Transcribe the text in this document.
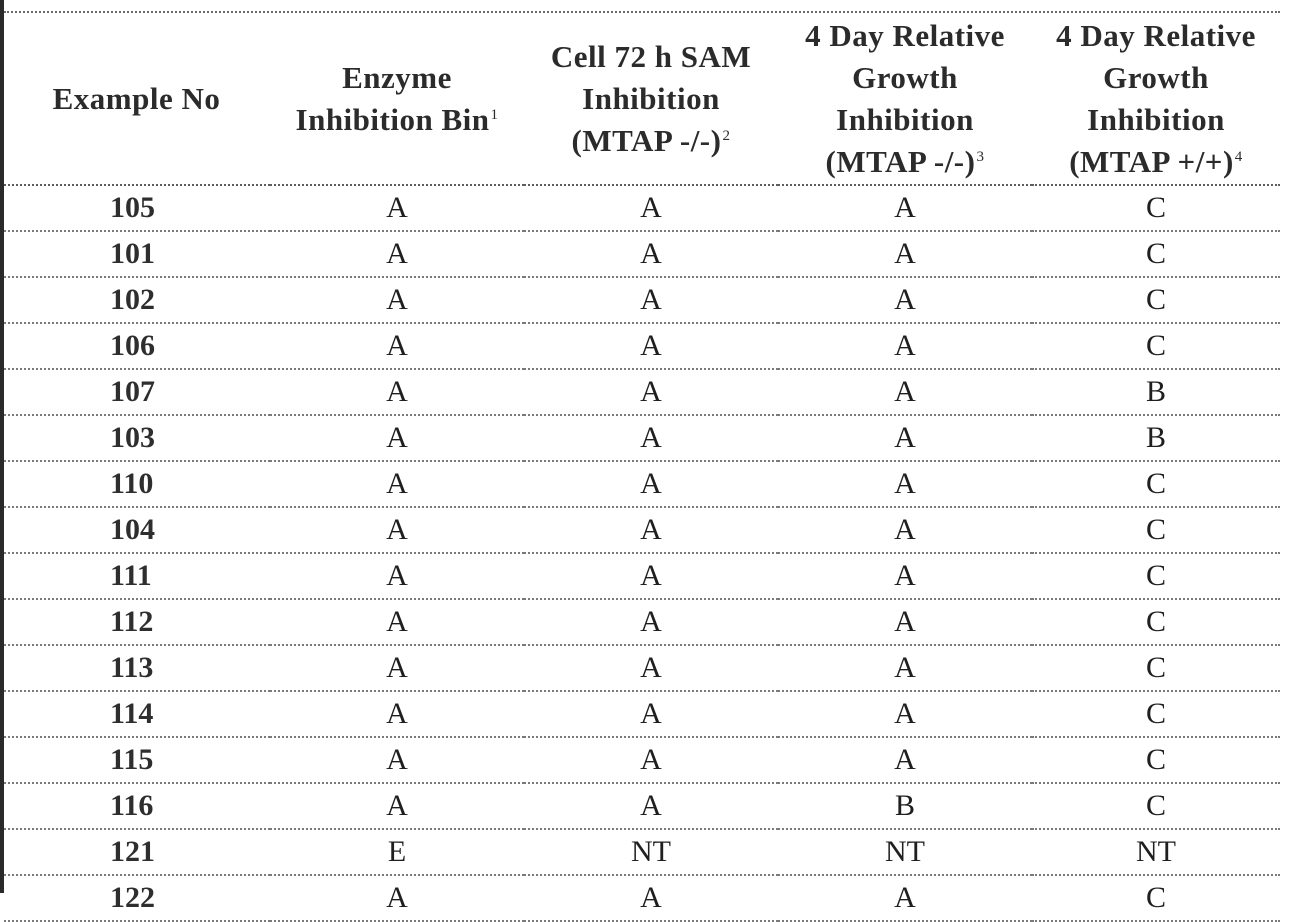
Example No	Enzyme Inhibition Bin$^1$	Cell 72 h SAM Inhibition (MTAP -/-)$^2$	4 Day Relative Growth Inhibition (MTAP -/-)$^3$	4 Day Relative Growth Inhibition (MTAP +/+)$^4$
105	A	A	A	C
101	A	A	A	C
102	A	A	A	C
106	A	A	A	C
107	A	A	A	B
103	A	A	A	B
110	A	A	A	C
104	A	A	A	C
111	A	A	A	C
112	A	A	A	C
113	A	A	A	C
114	A	A	A	C
115	A	A	A	C
116	A	A	B	C
121	E	NT	NT	NT
122	A	A	A	C
